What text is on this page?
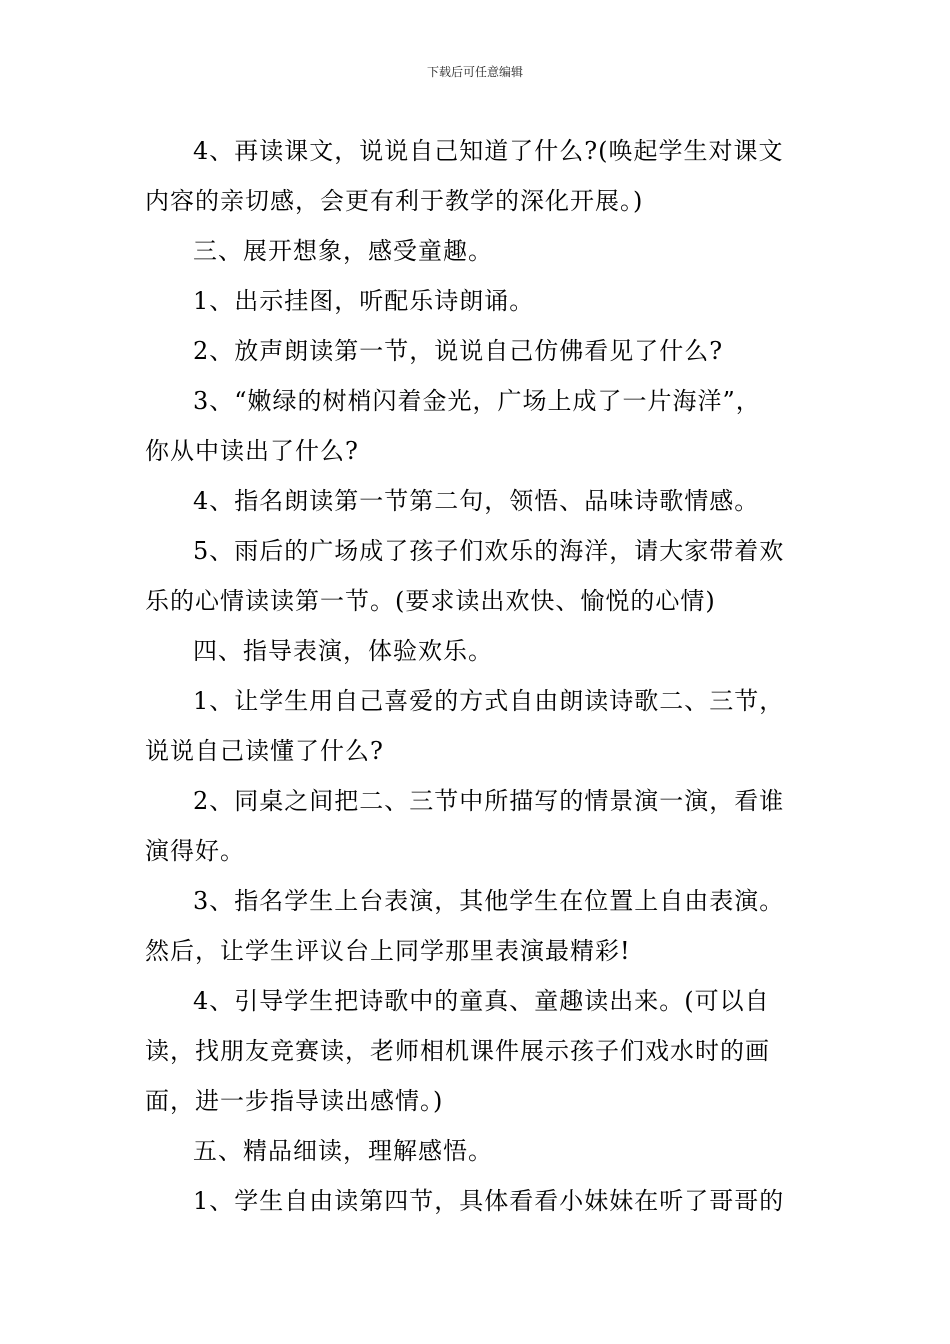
下载后可任意编辑

4、再读课文，说说自己知道了什么?(唤起学生对课文

内容的亲切感，会更有利于教学的深化开展。)

三、展开想象，感受童趣。

1、出示挂图，听配乐诗朗诵。

2、放声朗读第一节，说说自己仿佛看见了什么?

3、“嫩绿的树梢闪着金光，广场上成了一片海洋”，

你从中读出了什么?

4、指名朗读第一节第二句，领悟、品味诗歌情感。

5、雨后的广场成了孩子们欢乐的海洋，请大家带着欢

乐的心情读读第一节。(要求读出欢快、愉悦的心情)

四、指导表演，体验欢乐。

1、让学生用自己喜爱的方式自由朗读诗歌二、三节，

说说自己读懂了什么?

2、同桌之间把二、三节中所描写的情景演一演，看谁

演得好。

3、指名学生上台表演，其他学生在位置上自由表演。

然后，让学生评议台上同学那里表演最精彩!

4、引导学生把诗歌中的童真、童趣读出来。(可以自

读，找朋友竞赛读，老师相机课件展示孩子们戏水时的画

面，进一步指导读出感情。)

五、精品细读，理解感悟。

1、学生自由读第四节，具体看看小妹妹在听了哥哥的
